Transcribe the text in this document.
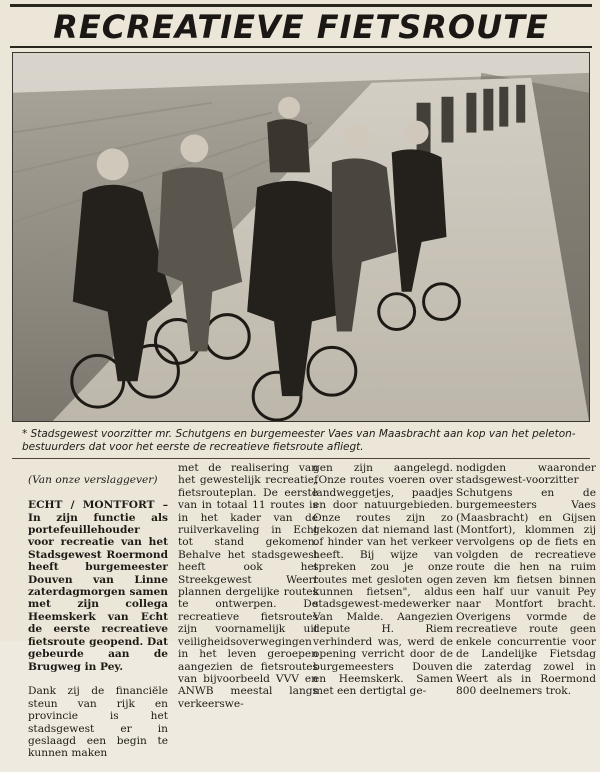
RECREATIEVE FIETSROUTE
* Stadsgewest voorzitter mr. Schutgens en burgemeester Vaes van Maasbracht aan kop van het peleton-bestuurders dat voor het eerste de recreatieve fietsroute afliegt.

(Van onze verslaggever)

ECHT / MONTFORT – In zijn functie als portefeuillehouder voor recreatie van het Stadsgewest Roermond heeft burgemeester Douven van Linne zaterdagmorgen samen met zijn collega Heemskerk van Echt de eerste recreatieve fietsroute geopend. Dat gebeurde aan de Brugweg in Pey.

Dank zij de financiële steun van rijk en provincie is het stadsgewest er in geslaagd een begin te kunnen maken

met de realisering van het gewestelijk recreatief fietsrouteplan. De eerste van in totaal 11 routes is in het kader van de ruilverkaveling in Echt tot stand gekomen. Behalve het stadsgewest heeft ook het Streekgewest Weert plannen dergelijke routes te ontwerpen. De recreatieve fietsroutes zijn voornamelijk uit veiligheidsoverwegingen in het leven geroepen aangezien de fietsroutes van bijvoorbeeld VVV en ANWB meestal langs verkeerswe-
gen zijn aangelegd. „Onze routes voeren over landweggetjes, paadjes en door natuurgebieden. Onze routes zijn zo gekozen dat niemand last of hinder van het verkeer heeft. Bij wijze van spreken zou je onze routes met gesloten ogen kunnen fietsen", aldus stadsgewest-medewerker Van Malde. Aangezien depute H. Riem verhinderd was, werd de opening verricht door de burgemeesters Douven en Heemskerk. Samen met een dertigtal ge-
nodigden waaronder stadsgewest-voorzitter Schutgens en de burgemeesters Vaes (Maasbracht) en Gijsen (Montfort), klommen zij vervolgens op de fiets en volgden de recreatieve route die hen na ruim zeven km fietsen binnen een half uur vanuit Pey naar Montfort bracht. Overigens vormde de recreatieve route geen enkele concurrentie voor de Landelijke Fietsdag die zaterdag zowel in Weert als in Roermond 800 deelnemers trok.
